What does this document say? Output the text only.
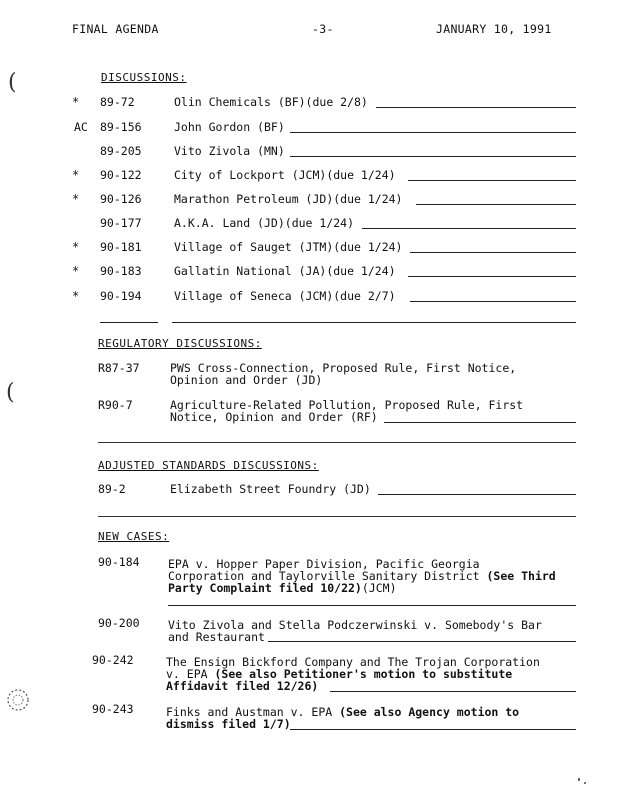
FINAL AGENDA	-3-	JANUARY 10, 1991
(
(
DISCUSSIONS:
* 89-72	Olin Chemicals (BF)(due 2/8)
AC 89-156	John Gordon (BF)
89-205	Vito Zivola (MN)
* 90-122	City of Lockport (JCM)(due 1/24)
* 90-126	Marathon Petroleum (JD)(due 1/24)
90-177	A.K.A. Land (JD)(due 1/24)
* 90-181	Village of Sauget (JTM)(due 1/24)
* 90-183	Gallatin National (JA)(due 1/24)
* 90-194	Village of Seneca (JCM)(due 2/7)
REGULATORY DISCUSSIONS:
R87-37	PWS Cross-Connection, Proposed Rule, First Notice,
Opinion and Order (JD)
R90-7	Agriculture-Related Pollution, Proposed Rule, First
Notice, Opinion and Order (RF)
ADJUSTED STANDARDS DISCUSSIONS:
89-2	Elizabeth Street Foundry (JD)
NEW CASES:
90-184 EPA v. Hopper Paper Division, Pacific Georgia
Corporation and Taylorville Sanitary District (See Third
Party Complaint filed 10/22)(JCM)
90-200 Vito Zivola and Stella Podczerwinski v. Somebody's Bar
and Restaurant
90-242	The Ensign Bickford Company and The Trojan Corporation
v. EPA (See also Petitioner's motion to substitute
Affidavit filed 12/26)
90-243	Finks and Austman v. EPA (See also Agency motion to
dismiss filed 1/7)
